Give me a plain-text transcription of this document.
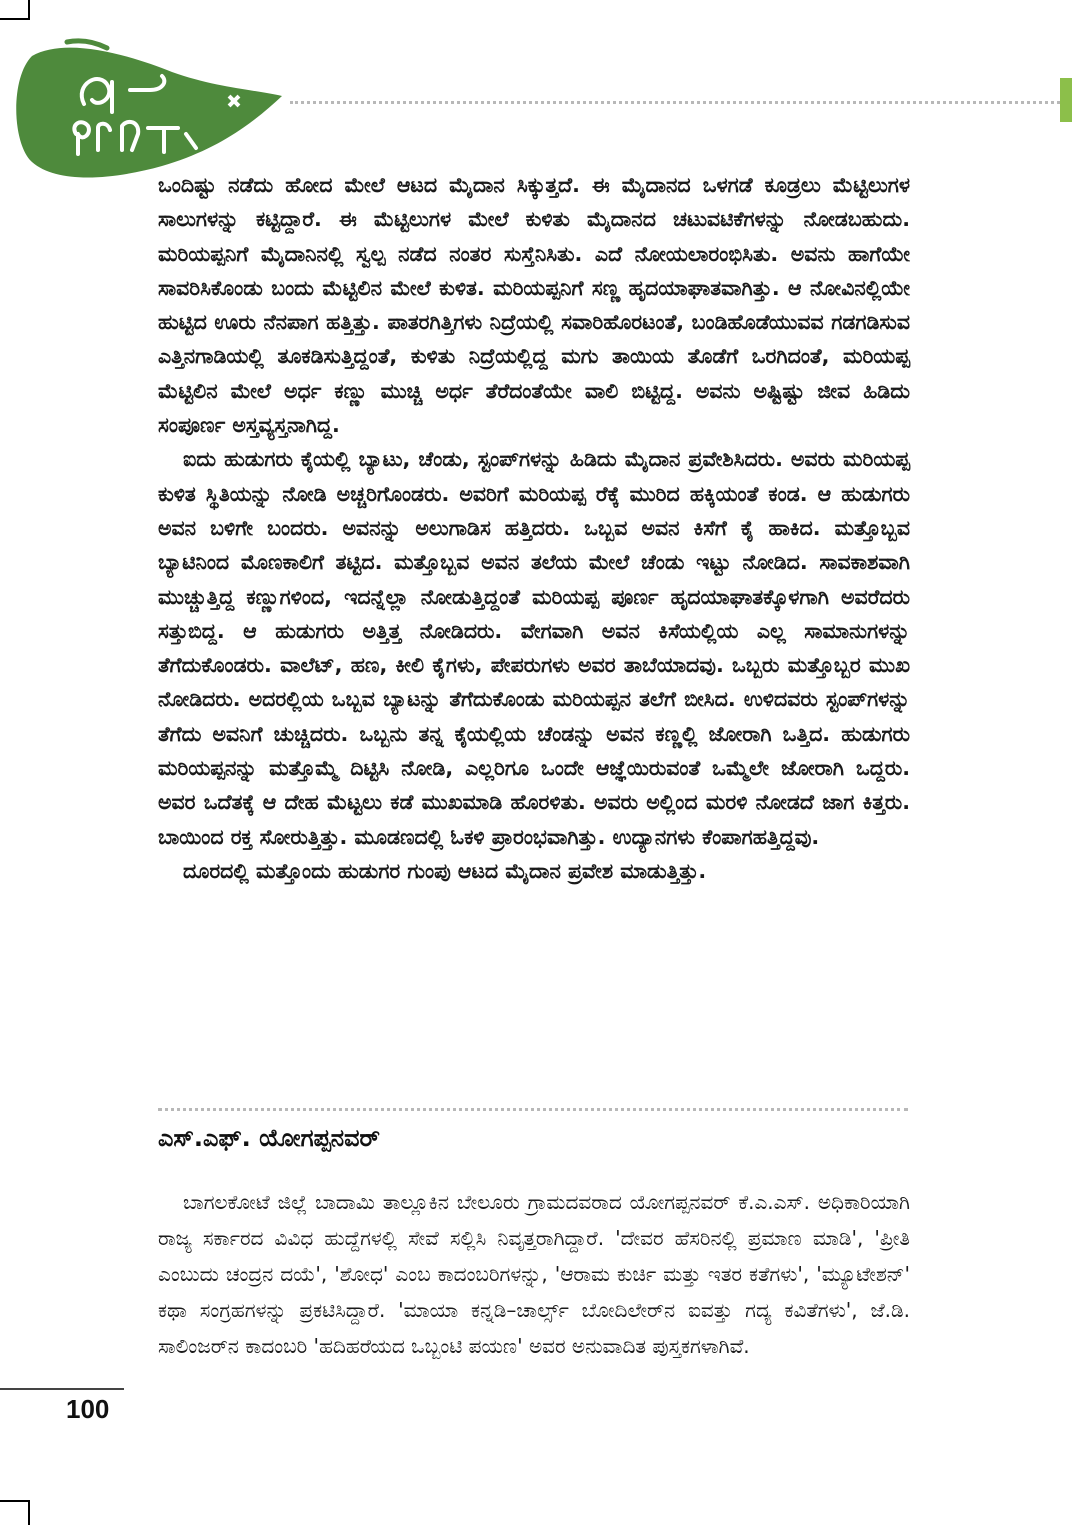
ಒಂದಿಷ್ಟು ನಡೆದು ಹೋದ ಮೇಲೆ ಆಟದ ಮೈದಾನ ಸಿಕ್ಕುತ್ತದೆ. ಈ ಮೈದಾನದ ಒಳಗಡೆ ಕೂಡ್ರಲು ಮೆಟ್ಟಿಲುಗಳ ಸಾಲುಗಳನ್ನು ಕಟ್ಟಿದ್ದಾರೆ. ಈ ಮೆಟ್ಟಿಲುಗಳ ಮೇಲೆ ಕುಳಿತು ಮೈದಾನದ ಚಟುವಟಿಕೆಗಳನ್ನು ನೋಡಬಹುದು. ಮರಿಯಪ್ಪನಿಗೆ ಮೈದಾನಿನಲ್ಲಿ ಸ್ವಲ್ಪ ನಡೆದ ನಂತರ ಸುಸ್ತೆನಿಸಿತು. ಎದೆ ನೋಯಲಾರಂಭಿಸಿತು. ಅವನು ಹಾಗೆಯೇ ಸಾವರಿಸಿಕೊಂಡು ಬಂದು ಮೆಟ್ಟಿಲಿನ ಮೇಲೆ ಕುಳಿತ. ಮರಿಯಪ್ಪನಿಗೆ ಸಣ್ಣ ಹೃದಯಾಘಾತವಾಗಿತ್ತು. ಆ ನೋವಿನಲ್ಲಿಯೇ ಹುಟ್ಟಿದ ಊರು ನೆನಪಾಗ ಹತ್ತಿತ್ತು. ಪಾತರಗಿತ್ತಿಗಳು ನಿದ್ರೆಯಲ್ಲಿ ಸವಾರಿಹೊರಟಂತೆ, ಬಂಡಿಹೊಡೆಯುವವ ಗಡಗಡಿಸುವ ಎತ್ತಿನಗಾಡಿಯಲ್ಲಿ ತೂಕಡಿಸುತ್ತಿದ್ದಂತೆ, ಕುಳಿತು ನಿದ್ರೆಯಲ್ಲಿದ್ದ ಮಗು ತಾಯಿಯ ತೊಡೆಗೆ ಒರಗಿದಂತೆ, ಮರಿಯಪ್ಪ ಮೆಟ್ಟಿಲಿನ ಮೇಲೆ ಅರ್ಧ ಕಣ್ಣು ಮುಚ್ಚಿ ಅರ್ಧ ತೆರೆದಂತೆಯೇ ವಾಲಿ ಬಿಟ್ಟಿದ್ದ. ಅವನು ಅಷ್ಟಿಷ್ಟು ಜೀವ ಹಿಡಿದು ಸಂಪೂರ್ಣ ಅಸ್ತವ್ಯಸ್ತನಾಗಿದ್ದ.

ಐದು ಹುಡುಗರು ಕೈಯಲ್ಲಿ ಬ್ಯಾಟು, ಚೆಂಡು, ಸ್ಟಂಪ್‌ಗಳನ್ನು ಹಿಡಿದು ಮೈದಾನ ಪ್ರವೇಶಿಸಿದರು. ಅವರು ಮರಿಯಪ್ಪ ಕುಳಿತ ಸ್ಥಿತಿಯನ್ನು ನೋಡಿ ಅಚ್ಚರಿಗೊಂಡರು. ಅವರಿಗೆ ಮರಿಯಪ್ಪ ರೆಕ್ಕೆ ಮುರಿದ ಹಕ್ಕಿಯಂತೆ ಕಂಡ. ಆ ಹುಡುಗರು ಅವನ ಬಳಿಗೇ ಬಂದರು. ಅವನನ್ನು ಅಲುಗಾಡಿಸ ಹತ್ತಿದರು. ಒಬ್ಬವ ಅವನ ಕಿಸೆಗೆ ಕೈ ಹಾಕಿದ. ಮತ್ತೊಬ್ಬವ ಬ್ಯಾಟಿನಿಂದ ಮೊಣಕಾಲಿಗೆ ತಟ್ಟಿದ. ಮತ್ತೊಬ್ಬವ ಅವನ ತಲೆಯ ಮೇಲೆ ಚೆಂಡು ಇಟ್ಟು ನೋಡಿದ. ಸಾವಕಾಶವಾಗಿ ಮುಚ್ಚುತ್ತಿದ್ದ ಕಣ್ಣುಗಳಿಂದ, ಇದನ್ನೆಲ್ಲಾ ನೋಡುತ್ತಿದ್ದಂತೆ ಮರಿಯಪ್ಪ ಪೂರ್ಣ ಹೃದಯಾಘಾತಕ್ಕೊಳಗಾಗಿ ಅವರೆದರು ಸತ್ತುಬಿದ್ದ. ಆ ಹುಡುಗರು ಅತ್ತಿತ್ತ ನೋಡಿದರು. ವೇಗವಾಗಿ ಅವನ ಕಿಸೆಯಲ್ಲಿಯ ಎಲ್ಲ ಸಾಮಾನುಗಳನ್ನು ತೆಗೆದುಕೊಂಡರು. ವಾಲೆಟ್, ಹಣ, ಕೀಲಿ ಕೈಗಳು, ಪೇಪರುಗಳು ಅವರ ತಾಬೆಯಾದವು. ಒಬ್ಬರು ಮತ್ತೊಬ್ಬರ ಮುಖ ನೋಡಿದರು. ಅದರಲ್ಲಿಯ ಒಬ್ಬವ ಬ್ಯಾಟನ್ನು ತೆಗೆದುಕೊಂಡು ಮರಿಯಪ್ಪನ ತಲೆಗೆ ಬೀಸಿದ. ಉಳಿದವರು ಸ್ಟಂಪ್‌ಗಳನ್ನು ತೆಗೆದು ಅವನಿಗೆ ಚುಚ್ಚಿದರು. ಒಬ್ಬನು ತನ್ನ ಕೈಯಲ್ಲಿಯ ಚೆಂಡನ್ನು ಅವನ ಕಣ್ಣಲ್ಲಿ ಜೋರಾಗಿ ಒತ್ತಿದ. ಹುಡುಗರು ಮರಿಯಪ್ಪನನ್ನು ಮತ್ತೊಮ್ಮೆ ದಿಟ್ಟಿಸಿ ನೋಡಿ, ಎಲ್ಲರಿಗೂ ಒಂದೇ ಆಜ್ಞೆಯಿರುವಂತೆ ಒಮ್ಮೆಲೇ ಜೋರಾಗಿ ಒದ್ದರು. ಅವರ ಒದೆತಕ್ಕೆ ಆ ದೇಹ ಮೆಟ್ಟಲು ಕಡೆ ಮುಖಮಾಡಿ ಹೊರಳಿತು. ಅವರು ಅಲ್ಲಿಂದ ಮರಳಿ ನೋಡದೆ ಜಾಗ ಕಿತ್ತರು. ಬಾಯಿಂದ ರಕ್ತ ಸೋರುತ್ತಿತ್ತು. ಮೂಡಣದಲ್ಲಿ ಓಕಳಿ ಪ್ರಾರಂಭವಾಗಿತ್ತು. ಉದ್ಯಾನಗಳು ಕೆಂಪಾಗಹತ್ತಿದ್ದವು.

ದೂರದಲ್ಲಿ ಮತ್ತೊಂದು ಹುಡುಗರ ಗುಂಪು ಆಟದ ಮೈದಾನ ಪ್ರವೇಶ ಮಾಡುತ್ತಿತ್ತು.

ಎಸ್.ಎಫ್. ಯೋಗಪ್ಪನವರ್
ಬಾಗಲಕೋಟೆ ಜಿಲ್ಲೆ ಬಾದಾಮಿ ತಾಲ್ಲೂಕಿನ ಬೇಲೂರು ಗ್ರಾಮದವರಾದ ಯೋಗಪ್ಪನವರ್ ಕೆ.ಎ.ಎಸ್. ಅಧಿಕಾರಿಯಾಗಿ ರಾಜ್ಯ ಸರ್ಕಾರದ ವಿವಿಧ ಹುದ್ದೆಗಳಲ್ಲಿ ಸೇವೆ ಸಲ್ಲಿಸಿ ನಿವೃತ್ತರಾಗಿದ್ದಾರೆ. 'ದೇವರ ಹೆಸರಿನಲ್ಲಿ ಪ್ರಮಾಣ ಮಾಡಿ', 'ಪ್ರೀತಿ ಎಂಬುದು ಚಂದ್ರನ ದಯೆ', 'ಶೋಧ' ಎಂಬ ಕಾದಂಬರಿಗಳನ್ನು, 'ಆರಾಮ ಕುರ್ಚಿ ಮತ್ತು ಇತರ ಕತೆಗಳು', 'ಮ್ಯೂಟೇಶನ್' ಕಥಾ ಸಂಗ್ರಹಗಳನ್ನು ಪ್ರಕಟಿಸಿದ್ದಾರೆ. 'ಮಾಯಾ ಕನ್ನಡಿ–ಚಾರ್ಲ್ಸ್ ಬೋದಿಲೇರ್‌ನ ಐವತ್ತು ಗದ್ಯ ಕವಿತೆಗಳು', ಜೆ.ಡಿ. ಸಾಲಿಂಜರ್‌ನ ಕಾದಂಬರಿ 'ಹದಿಹರೆಯದ ಒಬ್ಬಂಟಿ ಪಯಣ' ಅವರ ಅನುವಾದಿತ ಪುಸ್ತಕಗಳಾಗಿವೆ.
100
